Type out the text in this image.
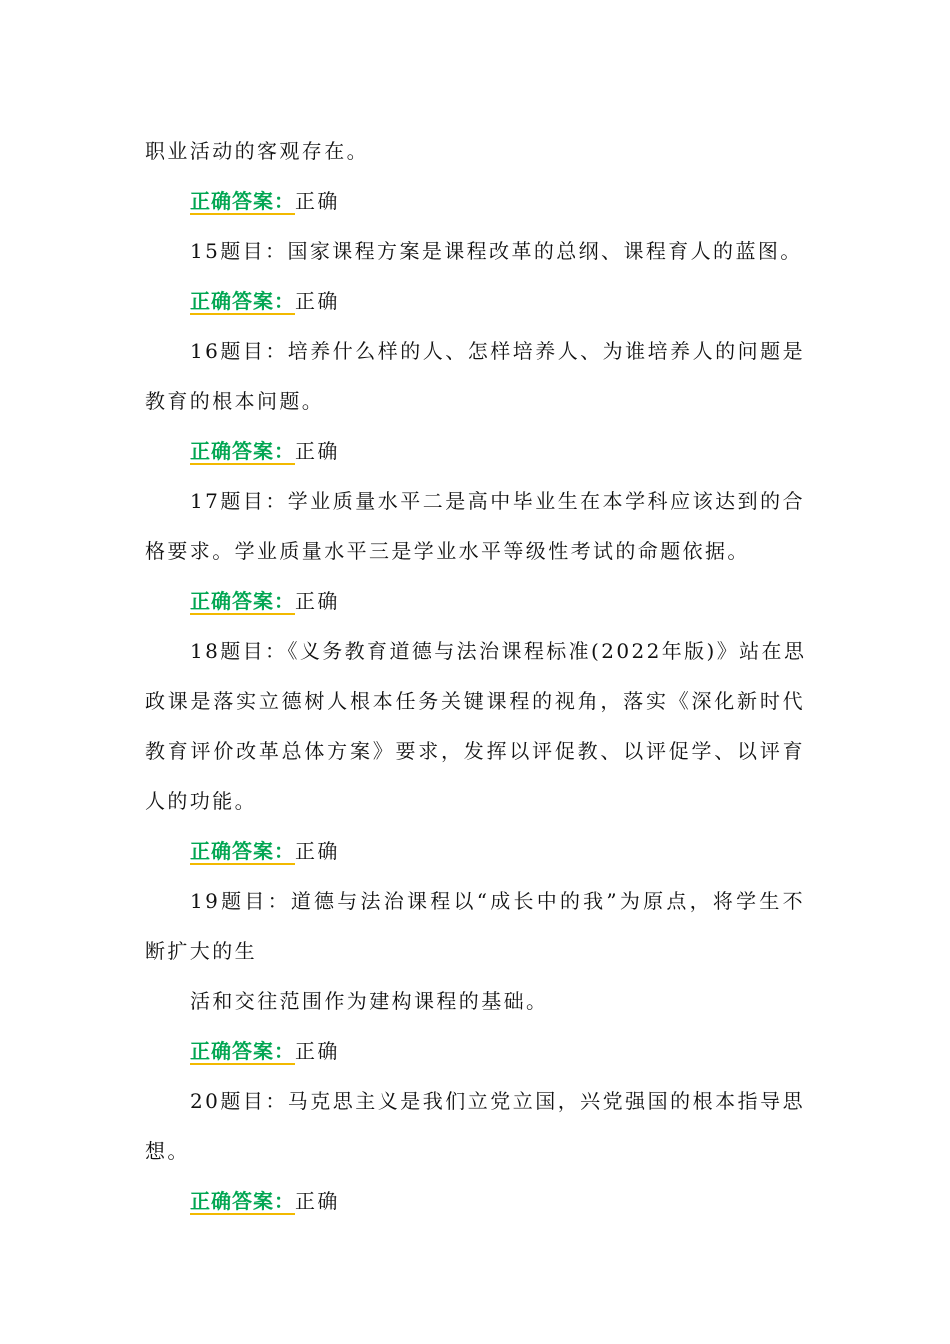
职业活动的客观存在。
正确答案：正确
15题目：国家课程方案是课程改革的总纲、课程育人的蓝图。
正确答案：正确
16题目：培养什么样的人、怎样培养人、为谁培养人的问题是
教育的根本问题。
正确答案：正确
17题目：学业质量水平二是高中毕业生在本学科应该达到的合
格要求。学业质量水平三是学业水平等级性考试的命题依据。
正确答案：正确
18题目：《义务教育道德与法治课程标准(2022年版)》站在思
政课是落实立德树人根本任务关键课程的视角，落实《深化新时代
教育评价改革总体方案》要求，发挥以评促教、以评促学、以评育
人的功能。
正确答案：正确
19题目：道德与法治课程以“成长中的我”为原点，将学生不
断扩大的生
活和交往范围作为建构课程的基础。
正确答案：正确
20题目：马克思主义是我们立党立国，兴党强国的根本指导思
想。
正确答案：正确
